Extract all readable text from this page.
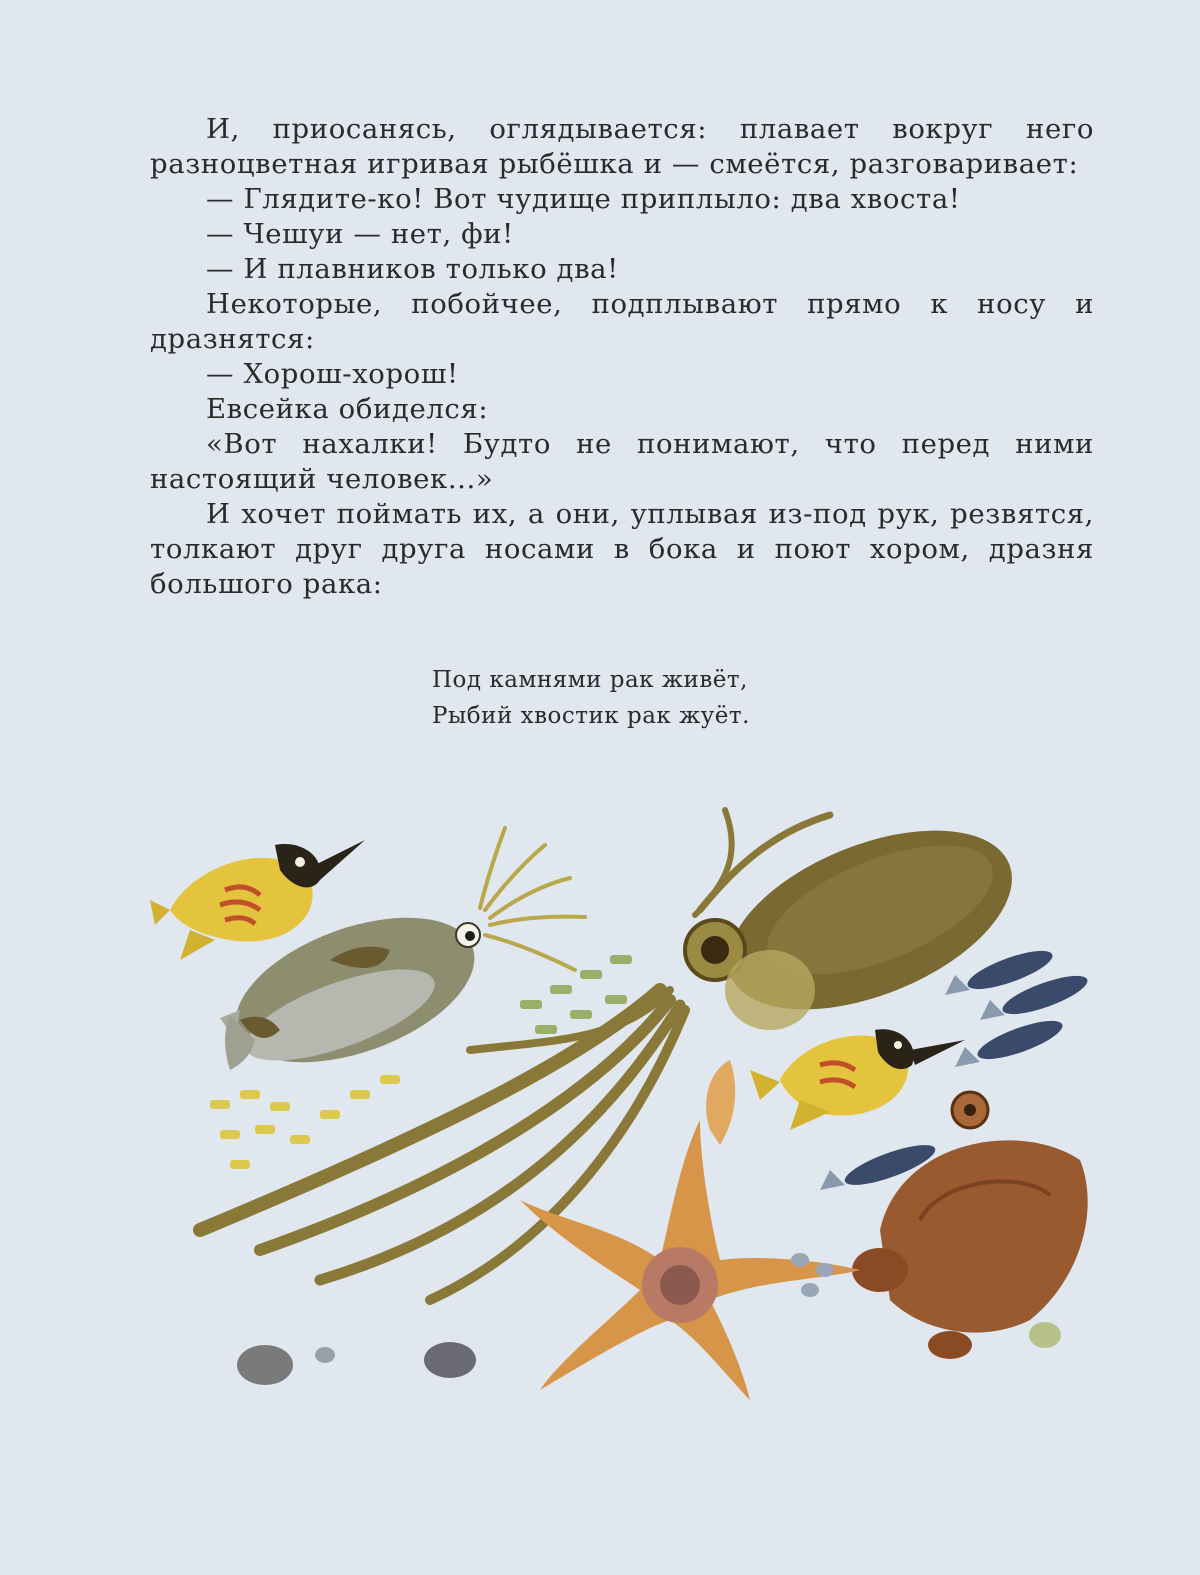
И, приосанясь, оглядывается: плавает вокруг него разноцветная игривая рыбёшка и — смеётся, разговаривает:

— Глядите-ко! Вот чудище приплыло: два хвоста!

— Чешуи — нет, фи!

— И плавников только два!

Некоторые, побойчее, подплывают прямо к носу и дразнятся:

— Хорош-хорош!

Евсейка обиделся:

«Вот нахалки! Будто не понимают, что перед ними настоящий человек...»

И хочет поймать их, а они, уплывая из-под рук, резвятся, толкают друг друга носами в бока и поют хором, дразня большого рака:

Под камнями рак живёт,
Рыбий хвостик рак жуёт.
